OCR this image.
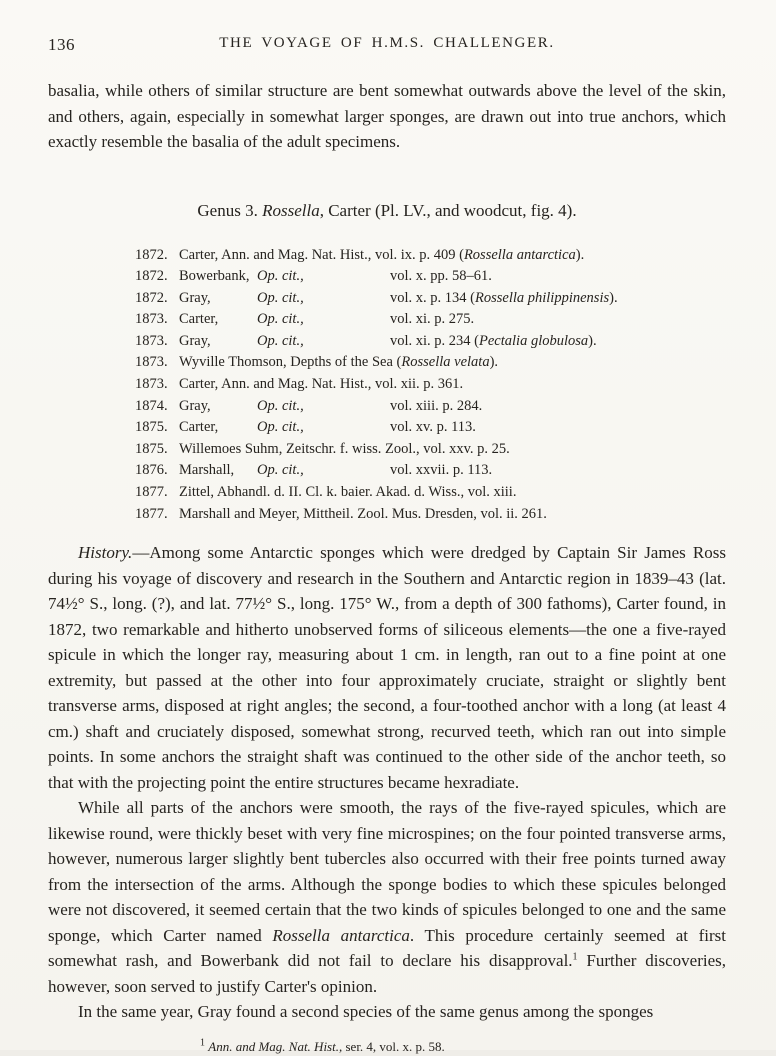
136	THE VOYAGE OF H.M.S. CHALLENGER.

basalia, while others of similar structure are bent somewhat outwards above the level of the skin, and others, again, especially in somewhat larger sponges, are drawn out into true anchors, which exactly resemble the basalia of the adult specimens.

Genus 3. Rossella, Carter (Pl. LV., and woodcut, fig. 4).
1872. Carter, Ann. and Mag. Nat. Hist., vol. ix. p. 409 (Rossella antarctica).
1872. Bowerbank, Op. cit.,	vol. x. pp. 58–61.
1872. Gray,	Op. cit.,	vol. x. p. 134 (Rossella philippinensis).
1873. Carter,	Op. cit.,	vol. xi. p. 275.
1873. Gray,	Op. cit.,	vol. xi. p. 234 (Pectalia globulosa).
1873. Wyville Thomson, Depths of the Sea (Rossella velata).
1873. Carter, Ann. and Mag. Nat. Hist., vol. xii. p. 361.
1874. Gray,	Op. cit.,	vol. xiii. p. 284.
1875. Carter,	Op. cit.,	vol. xv. p. 113.
1875. Willemoes Suhm, Zeitschr. f. wiss. Zool., vol. xxv. p. 25.
1876. Marshall,	Op. cit.,	vol. xxvii. p. 113.
1877. Zittel, Abhandl. d. II. Cl. k. baier. Akad. d. Wiss., vol. xiii.
1877. Marshall and Meyer, Mittheil. Zool. Mus. Dresden, vol. ii. 261.

History.—Among some Antarctic sponges which were dredged by Captain Sir James Ross during his voyage of discovery and research in the Southern and Antarctic region in 1839–43 (lat. 74½° S., long. (?), and lat. 77½° S., long. 175° W., from a depth of 300 fathoms), Carter found, in 1872, two remarkable and hitherto unobserved forms of siliceous elements—the one a five-rayed spicule in which the longer ray, measuring about 1 cm. in length, ran out to a fine point at one extremity, but passed at the other into four approximately cruciate, straight or slightly bent transverse arms, disposed at right angles; the second, a four-toothed anchor with a long (at least 4 cm.) shaft and cruciately disposed, somewhat strong, recurved teeth, which ran out into simple points. In some anchors the straight shaft was continued to the other side of the anchor teeth, so that with the projecting point the entire structures became hexradiate.

While all parts of the anchors were smooth, the rays of the five-rayed spicules, which are likewise round, were thickly beset with very fine microspines; on the four pointed transverse arms, however, numerous larger slightly bent tubercles also occurred with their free points turned away from the intersection of the arms. Although the sponge bodies to which these spicules belonged were not discovered, it seemed certain that the two kinds of spicules belonged to one and the same sponge, which Carter named Rossella antarctica. This procedure certainly seemed at first somewhat rash, and Bowerbank did not fail to declare his disapproval.$^1$ Further discoveries, however, soon served to justify Carter's opinion.

In the same year, Gray found a second species of the same genus among the sponges

$^1$ Ann. and Mag. Nat. Hist., ser. 4, vol. x. p. 58.
